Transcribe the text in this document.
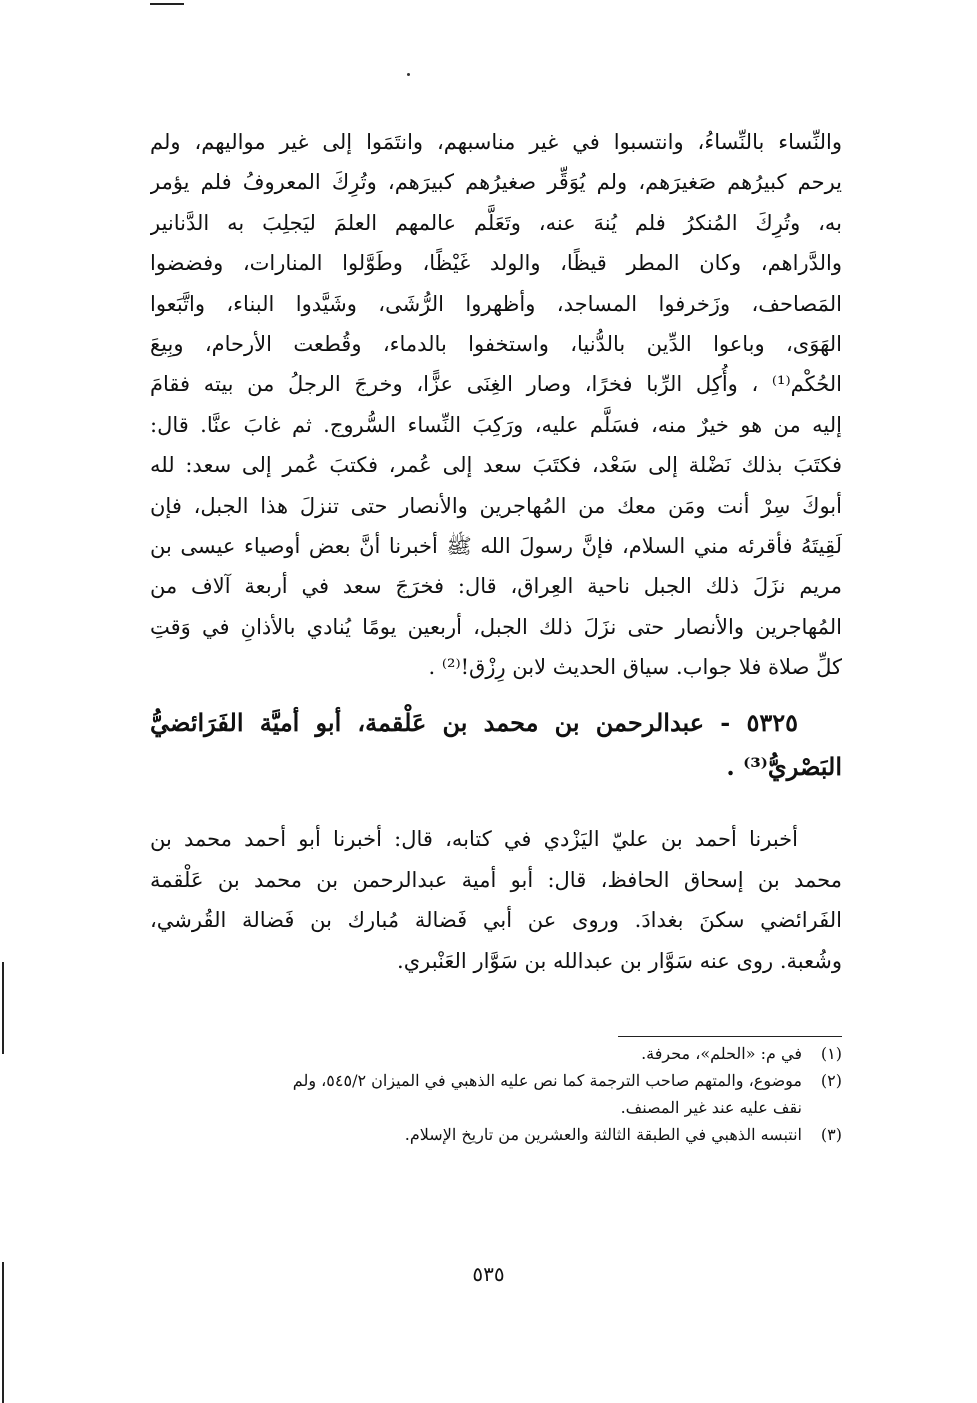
والنِّساء بالنِّساءُ، وانتسبوا في غير مناسبهم، وانتَمَوا إلى غير مواليهم، ولم
يرحم كبيرُهم صَغيرَهم، ولم يُوَقِّر صغيرُهم كبيرَهم، وتُرِكَ المعروفُ فلم يؤمر
به، وتُرِكَ المُنكرُ فلم يُنهَ عنه، وتَعَلَّم عالمهم العلمَ ليَجلِبَ به الدَّنانير
والدَّراهم، وكان المطر قيظًا، والولد غَيْظًا، وطَوَّلوا المنارات، وفضضوا
المَصاحف، وزَخرفوا المساجد، وأظهروا الرُّشَى، وشَيَّدوا البناء، واتَّبَعوا
الهَوَى، وباعوا الدِّين بالدُّنيا، واستخفوا بالدماء، وقُطعت الأرحام، وبِيعَ
الحُكْم⁽¹⁾ ، وأُكِل الرِّبا فخرًا، وصار الغِنَى عزًّا، وخرجَ الرجلُ من بيته فقامَ
إليه من هو خيرٌ منه، فسَلَّم عليه، ورَكِبَ النِّساء السُّروج. ثم غابَ عنَّا. قال:
فكتَبَ بذلك نَضْلة إلى سَعْد، فكتَبَ سعد إلى عُمر، فكتبَ عُمر إلى سعد: لله
أبوكَ سِرْ أنت ومَن معك من المُهاجرين والأنصار حتى تنزلَ هذا الجبل، فإن
لَقِيتَهُ فأقرئه مني السلام، فإنَّ رسولَ الله ﷺ أخبرنا أنَّ بعض أوصياء عيسى بن
مريم نزَلَ ذلك الجبل ناحية العِراق، قال: فخرَجَ سعد في أربعة آلاف من
المُهاجرين والأنصار حتى نزَلَ ذلك الجبل، أربعين يومًا يُنادي بالأذانِ في وَقتِ
كلِّ صلاة فلا جواب. سياق الحديث لابن رِزْق!⁽²⁾ .
٥٣٢٥ - عبدالرحمن بن محمد بن عَلْقمة، أبو أميَّة الفَرَائضيُّ
البَصْريُّ⁽³⁾ .
أخبرنا أحمد بن عليّ اليَزْدي في كتابه، قال: أخبرنا أبو أحمد محمد بن
محمد بن إسحاق الحافظ، قال: أبو أمية عبدالرحمن بن محمد بن عَلْقمة
الفَرائضي سكنَ بغدادَ. وروى عن أبي فَضالة مُبارك بن فَضالة القُرشي،
وشُعبة. روى عنه سَوَّار بن عبدالله بن سَوَّار العَنْبري.
(١)في م: «الحلم»، محرفة.
(٢)موضوع، والمتهم صاحب الترجمة كما نص عليه الذهبي في الميزان ٥٤٥/٢، ولم
نقف عليه عند غير المصنف.
(٣)انتبسه الذهبي في الطبقة الثالثة والعشرين من تاريخ الإسلام.
٥٣٥
